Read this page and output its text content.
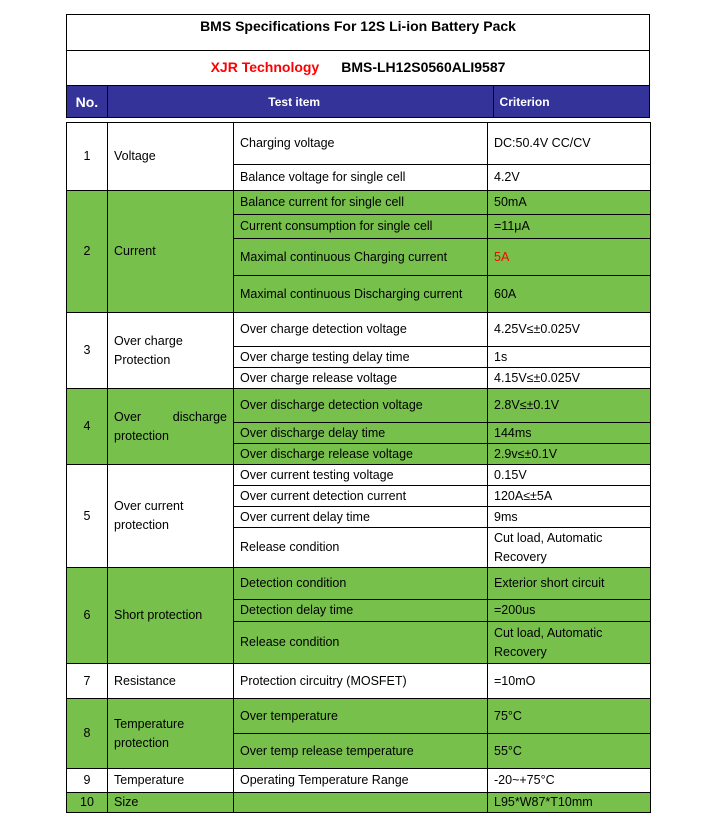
BMS Specifications For 12S Li-ion Battery Pack
XJR Technology BMS-LH12S0560ALI9587
No.	Test item	Criterion
1	Voltage	Charging voltage	DC:50.4V CC/CV
		Balance voltage for single cell	4.2V
2	Current	Balance current for single cell	50mA
		Current consumption for single cell	=11μA
		Maximal continuous Charging current	5A
		Maximal continuous Discharging current	60A
3	Over charge Protection	Over charge detection voltage	4.25V≤±0.025V
		Over charge testing delay time	1s
		Over charge release voltage	4.15V≤±0.025V
4	Over discharge protection	Over discharge detection voltage	2.8V≤±0.1V
		Over discharge delay time	144ms
		Over discharge release voltage	2.9v≤±0.1V
5	Over current protection	Over current testing voltage	0.15V
		Over current detection current	120A≤±5A
		Over current delay time	9ms
		Release condition	Cut load, Automatic Recovery
6	Short protection	Detection condition	Exterior short circuit
		Detection delay time	=200us
		Release condition	Cut load, Automatic Recovery
7	Resistance	Protection circuitry (MOSFET)	=10mO
8	Temperature protection	Over temperature	75°C
		Over temp release temperature	55°C
9	Temperature	Operating Temperature Range	-20~+75°C
10	Size		L95*W87*T10mm
